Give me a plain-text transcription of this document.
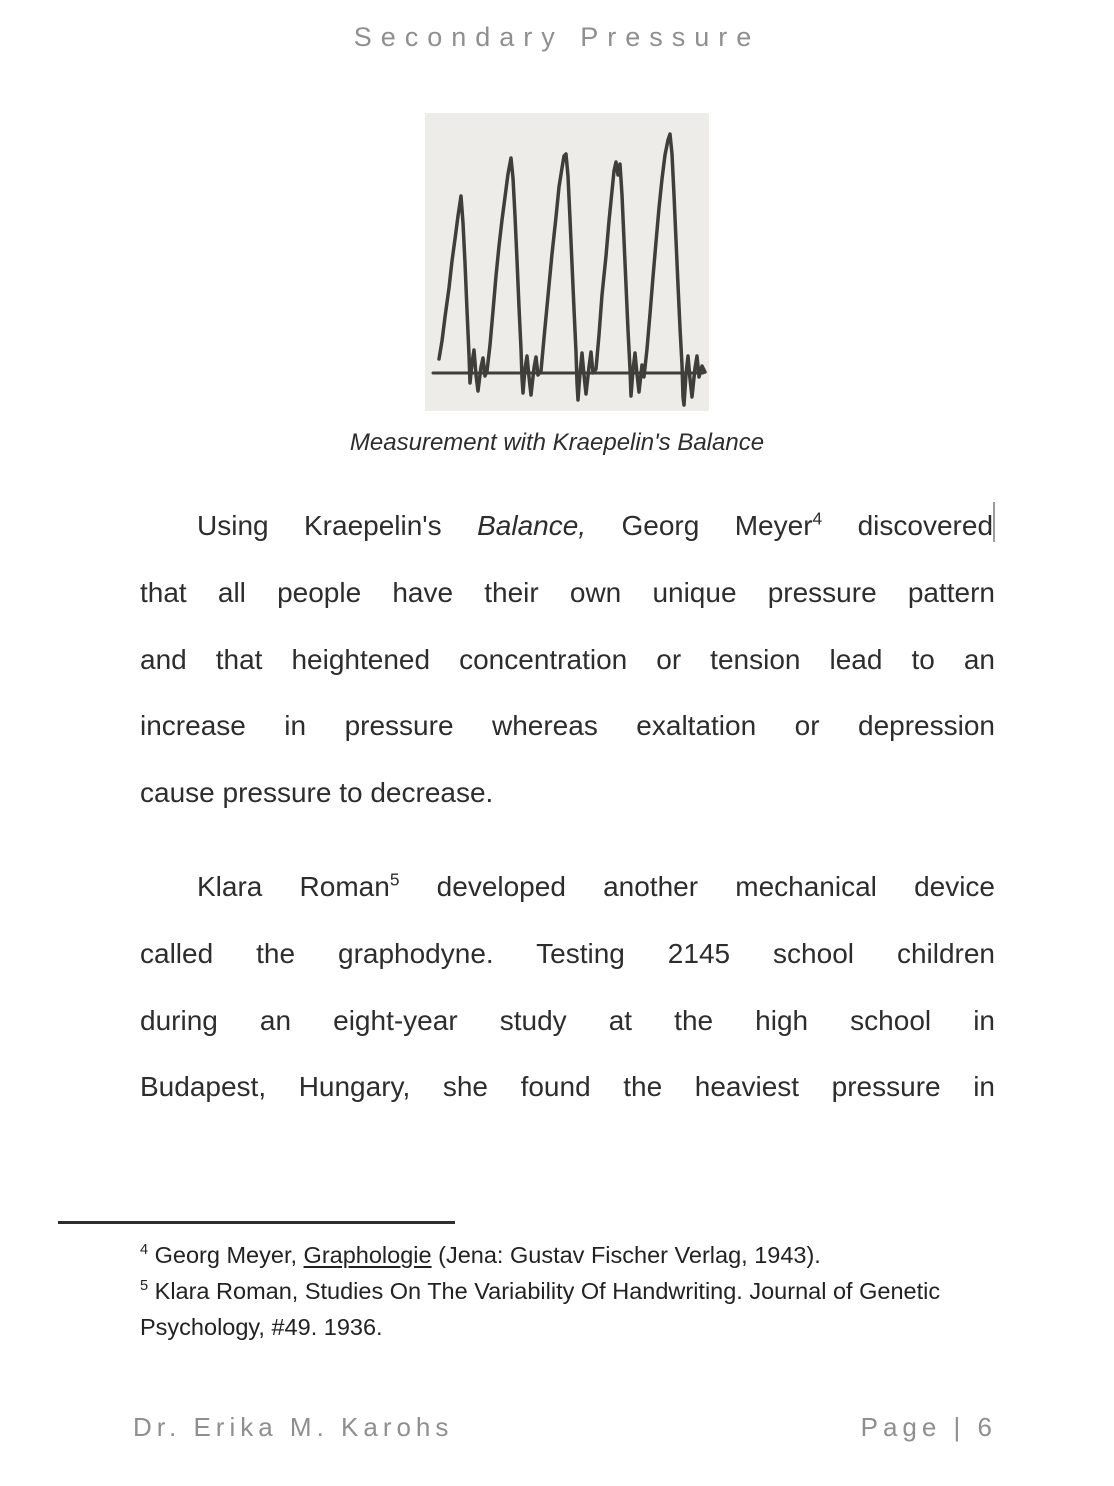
Secondary Pressure
Measurement with Kraepelin's Balance
Using Kraepelin's Balance, Georg Meyer$^4$ discovered
that all people have their own unique pressure pattern
and that heightened concentration or tension lead to an
increase in pressure whereas exaltation or depression
cause pressure to decrease.
Klara Roman$^5$ developed another mechanical device
called the graphodyne. Testing 2145 school children
during an eight-year study at the high school in
Budapest, Hungary, she found the heaviest pressure in
$^4$ Georg Meyer, Graphologie (Jena: Gustav Fischer Verlag, 1943).
$^5$ Klara Roman, Studies On The Variability Of Handwriting. Journal of Genetic Psychology, #49. 1936.
Dr. Erika M. Karohs	Page | 6
